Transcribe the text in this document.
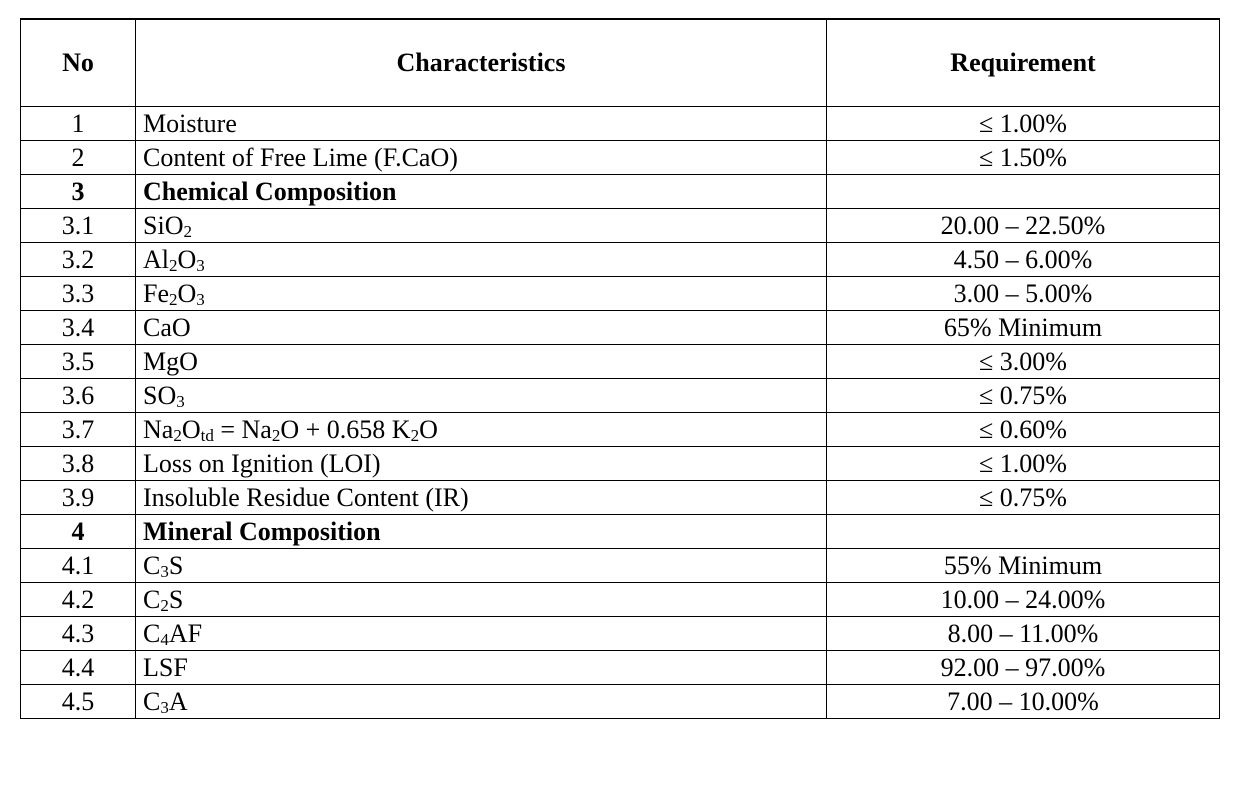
No	Characteristics	Requirement
1	Moisture	≤ 1.00%
2	Content of Free Lime (F.CaO)	≤ 1.50%
3	Chemical Composition	
3.1	SiO$_2$	20.00 – 22.50%
3.2	$Al_2O_3$	4.50 – 6.00%
3.3	$Fe_2O_3$	3.00 – 5.00%
3.4	CaO	65% Minimum
3.5	MgO	≤ 3.00%
3.6	$SO_3$	≤ 0.75%
3.7	$Na_2O_{td} = Na_2O + 0.658$ $K_2O$	≤ 0.60%
3.8	Loss on Ignition (LOI)	≤ 1.00%
3.9	Insoluble Residue Content (IR)	≤ 0.75%
4	Mineral Composition	
4.1	$C_3S$	55% Minimum
4.2	$C_2S$	10.00 – 24.00%
4.3	$C_4AF$	8.00 – 11.00%
4.4	LSF	92.00 – 97.00%
4.5	$C_3A$	7.00 – 10.00%
